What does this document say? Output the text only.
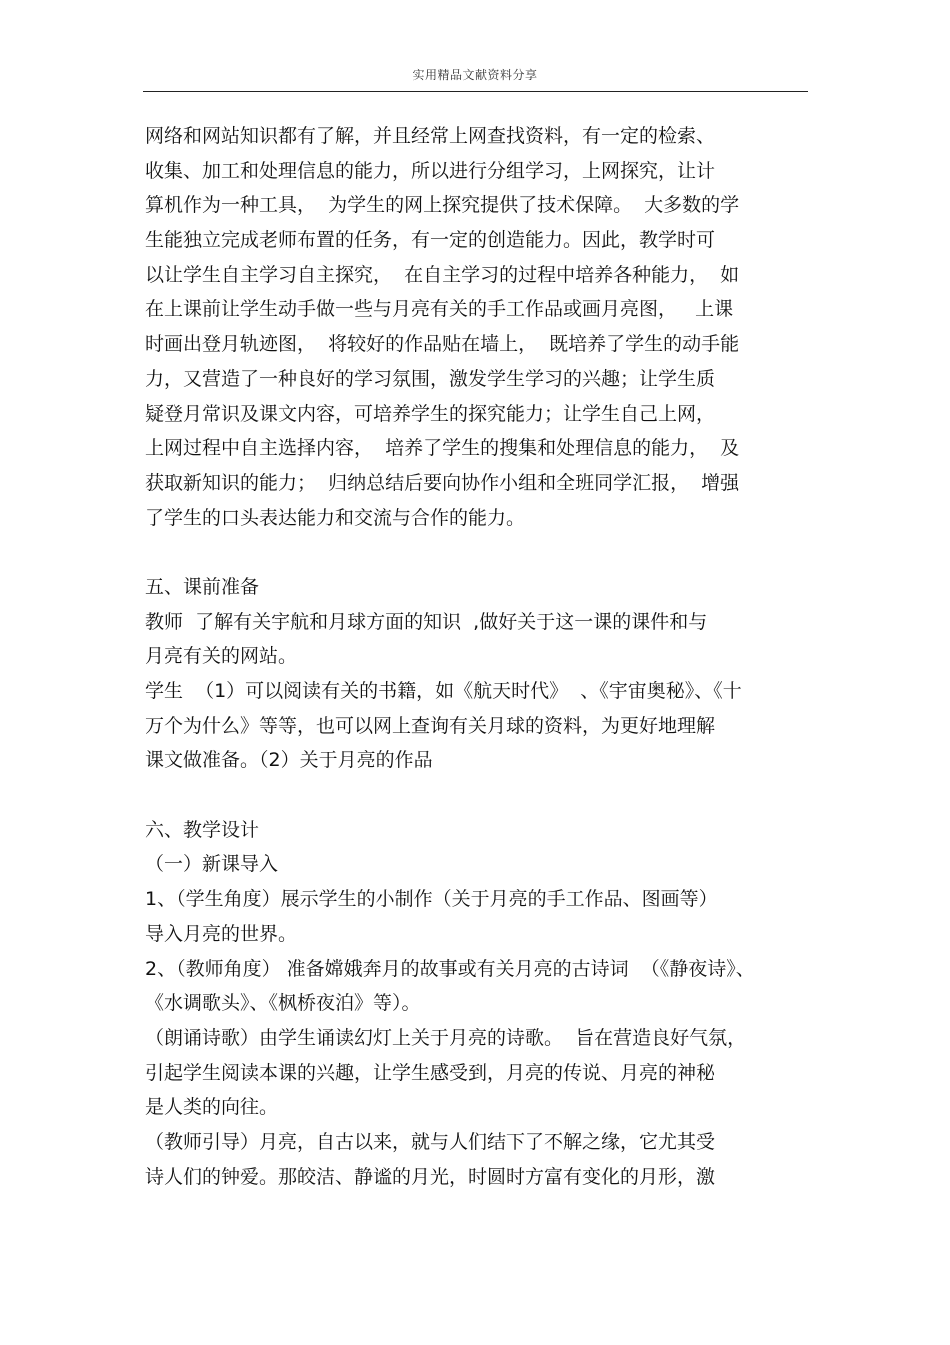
实用精品文献资料分享
网络和网站知识都有了解，并且经常上网查找资料，有一定的检索、
收集、加工和处理信息的能力，所以进行分组学习，上网探究，让计
算机作为一种工具，  为学生的网上探究提供了技术保障。  大多数的学
生能独立完成老师布置的任务，有一定的创造能力。因此，教学时可
以让学生自主学习自主探究，  在自主学习的过程中培养各种能力，  如
在上课前让学生动手做一些与月亮有关的手工作品或画月亮图，   上课
时画出登月轨迹图，  将较好的作品贴在墙上，  既培养了学生的动手能
力，又营造了一种良好的学习氛围，激发学生学习的兴趣；让学生质
疑登月常识及课文内容，可培养学生的探究能力；让学生自己上网，
上网过程中自主选择内容，  培养了学生的搜集和处理信息的能力，  及
获取新知识的能力；  归纳总结后要向协作小组和全班同学汇报，  增强
了学生的口头表达能力和交流与合作的能力。
五、课前准备
教师  了解有关宇航和月球方面的知识  ,做好关于这一课的课件和与
月亮有关的网站。
学生  （1）可以阅读有关的书籍，如《航天时代》  、《宇宙奥秘》、《十
万个为什么》等等，也可以网上查询有关月球的资料，为更好地理解
课文做准备。（2）关于月亮的作品
六、教学设计
（一）新课导入
1、（学生角度）展示学生的小制作（关于月亮的手工作品、图画等）
导入月亮的世界。
2、（教师角度） 准备嫦娥奔月的故事或有关月亮的古诗词  （《静夜诗》、
《水调歌头》、《枫桥夜泊》等）。
（朗诵诗歌）由学生诵读幻灯上关于月亮的诗歌。  旨在营造良好气氛，
引起学生阅读本课的兴趣，让学生感受到，月亮的传说、月亮的神秘
是人类的向往。
（教师引导）月亮，自古以来，就与人们结下了不解之缘，它尤其受
诗人们的钟爱。那皎洁、静谧的月光，时圆时方富有变化的月形，激
